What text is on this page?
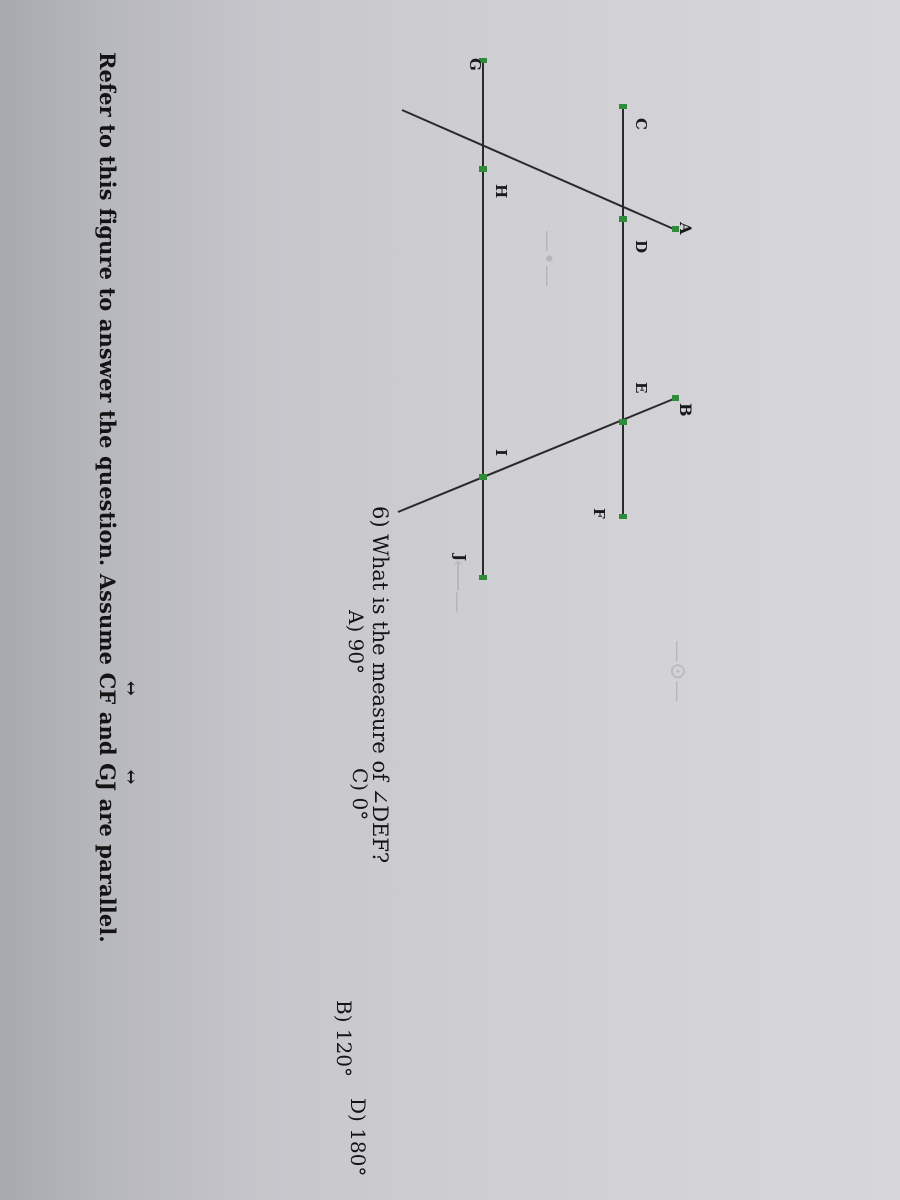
—⊙—
⟵—
—•—
Refer to this figure to answer the question. Assume ↔ CF and ↔ GJ are parallel.
A
B
C
D
E
F
G
H
I
J
6) What is the measure of ∠DEF?
A) 90°
B) 120°
C) 0°
D) 180°
